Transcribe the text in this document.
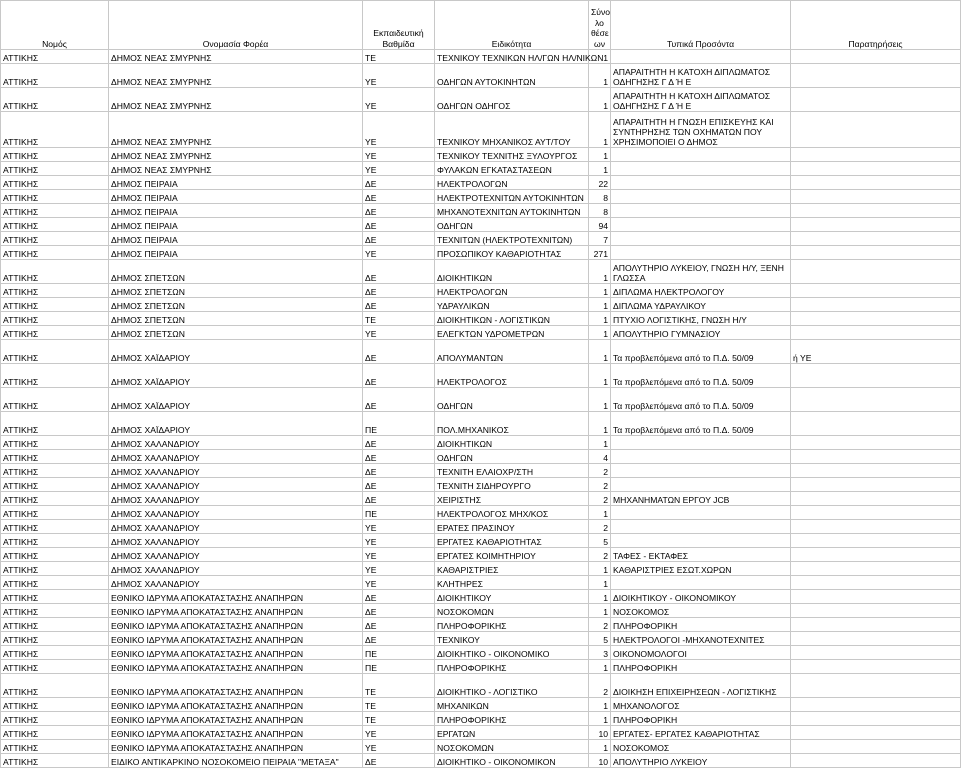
Νομός	Ονομασία Φορέα	Εκπαιδευτική Βαθμίδα	Ειδικότητα	Σύνο λο θέσε ων	Τυπικά Προσόντα	Παρατηρήσεις
ΑΤΤΙΚΗΣ	ΔΗΜΟΣ ΝΕΑΣ ΣΜΥΡΝΗΣ	ΤΕ	ΤΕΧΝΙΚΟΥ ΤΕΧΝΙΚΩΝ ΗΛ/ΓΩΝ ΗΛ/ΝΙΚΩΝ	1		
ΑΤΤΙΚΗΣ	ΔΗΜΟΣ ΝΕΑΣ ΣΜΥΡΝΗΣ	ΥΕ	ΟΔΗΓΩΝ ΑΥΤΟΚΙΝΗΤΩΝ	1	ΑΠΑΡΑΙΤΗΤΗ Η ΚΑΤΟΧΗ ΔΙΠΛΩΜΑΤΟΣ ΟΔΗΓΗΣΗΣ Γ Δ Ή Ε	
ΑΤΤΙΚΗΣ	ΔΗΜΟΣ ΝΕΑΣ ΣΜΥΡΝΗΣ	ΥΕ	ΟΔΗΓΩΝ ΟΔΗΓΟΣ	1	ΑΠΑΡΑΙΤΗΤΗ Η ΚΑΤΟΧΗ ΔΙΠΛΩΜΑΤΟΣ ΟΔΗΓΗΣΗΣ Γ Δ Ή Ε	
ΑΤΤΙΚΗΣ	ΔΗΜΟΣ ΝΕΑΣ ΣΜΥΡΝΗΣ	ΥΕ	ΤΕΧΝΙΚΟΥ ΜΗΧΑΝΙΚΟΣ ΑΥΤ/ΤΟΥ	1	ΑΠΑΡΑΙΤΗΤΗ Η ΓΝΩΣΗ ΕΠΙΣΚΕΥΗΣ ΚΑΙ ΣΥΝΤΗΡΗΣΗΣ ΤΩΝ ΟΧΗΜΑΤΩΝ ΠΟΥ ΧΡΗΣΙΜΟΠΟΙΕΙ Ο ΔΗΜΟΣ	
ΑΤΤΙΚΗΣ	ΔΗΜΟΣ ΝΕΑΣ ΣΜΥΡΝΗΣ	ΥΕ	ΤΕΧΝΙΚΟΥ ΤΕΧΝΙΤΗΣ ΞΥΛΟΥΡΓΟΣ	1		
ΑΤΤΙΚΗΣ	ΔΗΜΟΣ ΝΕΑΣ ΣΜΥΡΝΗΣ	ΥΕ	ΦΥΛΑΚΩΝ ΕΓΚΑΤΑΣΤΑΣΕΩΝ	1		
ΑΤΤΙΚΗΣ	ΔΗΜΟΣ ΠΕΙΡΑΙΑ	ΔΕ	ΗΛΕΚΤΡΟΛΟΓΩΝ	22		
ΑΤΤΙΚΗΣ	ΔΗΜΟΣ ΠΕΙΡΑΙΑ	ΔΕ	ΗΛΕΚΤΡΟΤΕΧΝΙΤΩΝ ΑΥΤΟΚΙΝΗΤΩΝ	8		
ΑΤΤΙΚΗΣ	ΔΗΜΟΣ ΠΕΙΡΑΙΑ	ΔΕ	ΜΗΧΑΝΟΤΕΧΝΙΤΩΝ ΑΥΤΟΚΙΝΗΤΩΝ	8		
ΑΤΤΙΚΗΣ	ΔΗΜΟΣ ΠΕΙΡΑΙΑ	ΔΕ	ΟΔΗΓΩΝ	94		
ΑΤΤΙΚΗΣ	ΔΗΜΟΣ ΠΕΙΡΑΙΑ	ΔΕ	ΤΕΧΝΙΤΩΝ (ΗΛΕΚΤΡΟΤΕΧΝΙΤΩΝ)	7		
ΑΤΤΙΚΗΣ	ΔΗΜΟΣ ΠΕΙΡΑΙΑ	ΥΕ	ΠΡΟΣΩΠΙΚΟΥ ΚΑΘΑΡΙΟΤΗΤΑΣ	271		
ΑΤΤΙΚΗΣ	ΔΗΜΟΣ ΣΠΕΤΣΩΝ	ΔΕ	ΔΙΟΙΚΗΤΙΚΩΝ	1	ΑΠΟΛΥΤΗΡΙΟ ΛΥΚΕΙΟΥ, ΓΝΩΣΗ Η/Υ, ΞΕΝΗ ΓΛΩΣΣΑ	
ΑΤΤΙΚΗΣ	ΔΗΜΟΣ ΣΠΕΤΣΩΝ	ΔΕ	ΗΛΕΚΤΡΟΛΟΓΩΝ	1	ΔΙΠΛΩΜΑ ΗΛΕΚΤΡΟΛΟΓΟΥ	
ΑΤΤΙΚΗΣ	ΔΗΜΟΣ ΣΠΕΤΣΩΝ	ΔΕ	ΥΔΡΑΥΛΙΚΩΝ	1	ΔΙΠΛΩΜΑ ΥΔΡΑΥΛΙΚΟΥ	
ΑΤΤΙΚΗΣ	ΔΗΜΟΣ ΣΠΕΤΣΩΝ	ΤΕ	ΔΙΟΙΚΗΤΙΚΩΝ - ΛΟΓΙΣΤΙΚΩΝ	1	ΠΤΥΧΙΟ ΛΟΓΙΣΤΙΚΗΣ, ΓΝΩΣΗ Η/Υ	
ΑΤΤΙΚΗΣ	ΔΗΜΟΣ ΣΠΕΤΣΩΝ	ΥΕ	ΕΛΕΓΚΤΩΝ ΥΔΡΟΜΕΤΡΩΝ	1	ΑΠΟΛΥΤΗΡΙΟ ΓΥΜΝΑΣΙΟΥ	
ΑΤΤΙΚΗΣ	ΔΗΜΟΣ ΧΑΪΔΑΡΙΟΥ	ΔΕ	ΑΠΟΛΥΜΑΝΤΩΝ	1	Τα προβλεπόμενα από το Π.Δ. 50/09	ή ΥΕ
ΑΤΤΙΚΗΣ	ΔΗΜΟΣ ΧΑΪΔΑΡΙΟΥ	ΔΕ	ΗΛΕΚΤΡΟΛΟΓΟΣ	1	Τα προβλεπόμενα από το Π.Δ. 50/09	
ΑΤΤΙΚΗΣ	ΔΗΜΟΣ ΧΑΪΔΑΡΙΟΥ	ΔΕ	ΟΔΗΓΩΝ	1	Τα προβλεπόμενα από το Π.Δ. 50/09	
ΑΤΤΙΚΗΣ	ΔΗΜΟΣ ΧΑΪΔΑΡΙΟΥ	ΠΕ	ΠΟΛ.ΜΗΧΑΝΙΚΟΣ	1	Τα προβλεπόμενα από το Π.Δ. 50/09	
ΑΤΤΙΚΗΣ	ΔΗΜΟΣ ΧΑΛΑΝΔΡΙΟΥ	ΔΕ	ΔΙΟΙΚΗΤΙΚΩΝ	1		
ΑΤΤΙΚΗΣ	ΔΗΜΟΣ ΧΑΛΑΝΔΡΙΟΥ	ΔΕ	ΟΔΗΓΩΝ	4		
ΑΤΤΙΚΗΣ	ΔΗΜΟΣ ΧΑΛΑΝΔΡΙΟΥ	ΔΕ	ΤΕΧΝΙΤΗ ΕΛΑΙΟΧΡ/ΣΤΗ	2		
ΑΤΤΙΚΗΣ	ΔΗΜΟΣ ΧΑΛΑΝΔΡΙΟΥ	ΔΕ	ΤΕΧΝΙΤΗ ΣΙΔΗΡΟΥΡΓΟ	2		
ΑΤΤΙΚΗΣ	ΔΗΜΟΣ ΧΑΛΑΝΔΡΙΟΥ	ΔΕ	ΧΕΙΡΙΣΤΗΣ	2	ΜΗΧΑΝΗΜΑΤΩΝ ΕΡΓΟΥ JCB	
ΑΤΤΙΚΗΣ	ΔΗΜΟΣ ΧΑΛΑΝΔΡΙΟΥ	ΠΕ	ΗΛΕΚΤΡΟΛΟΓΟΣ ΜΗΧ/ΚΟΣ	1		
ΑΤΤΙΚΗΣ	ΔΗΜΟΣ ΧΑΛΑΝΔΡΙΟΥ	ΥΕ	ΕΡΑΤΕΣ ΠΡΑΣΙΝΟΥ	2		
ΑΤΤΙΚΗΣ	ΔΗΜΟΣ ΧΑΛΑΝΔΡΙΟΥ	ΥΕ	ΕΡΓΑΤΕΣ ΚΑΘΑΡΙΟΤΗΤΑΣ	5		
ΑΤΤΙΚΗΣ	ΔΗΜΟΣ ΧΑΛΑΝΔΡΙΟΥ	ΥΕ	ΕΡΓΑΤΕΣ ΚΟΙΜΗΤΗΡΙΟΥ	2	ΤΑΦΕΣ - ΕΚΤΑΦΕΣ	
ΑΤΤΙΚΗΣ	ΔΗΜΟΣ ΧΑΛΑΝΔΡΙΟΥ	ΥΕ	ΚΑΘΑΡΙΣΤΡΙΕΣ	1	ΚΑΘΑΡΙΣΤΡΙΕΣ ΕΣΩΤ.ΧΩΡΩΝ	
ΑΤΤΙΚΗΣ	ΔΗΜΟΣ ΧΑΛΑΝΔΡΙΟΥ	ΥΕ	ΚΛΗΤΗΡΕΣ	1		
ΑΤΤΙΚΗΣ	ΕΘΝΙΚΟ ΙΔΡΥΜΑ ΑΠΟΚΑΤΑΣΤΑΣΗΣ ΑΝΑΠΗΡΩΝ	ΔΕ	ΔΙΟΙΚΗΤΙΚΟΥ	1	ΔΙΟΙΚΗΤΙΚΟΥ - ΟΙΚΟΝΟΜΙΚΟΥ	
ΑΤΤΙΚΗΣ	ΕΘΝΙΚΟ ΙΔΡΥΜΑ ΑΠΟΚΑΤΑΣΤΑΣΗΣ ΑΝΑΠΗΡΩΝ	ΔΕ	ΝΟΣΟΚΟΜΩΝ	1	ΝΟΣΟΚΟΜΟΣ	
ΑΤΤΙΚΗΣ	ΕΘΝΙΚΟ ΙΔΡΥΜΑ ΑΠΟΚΑΤΑΣΤΑΣΗΣ ΑΝΑΠΗΡΩΝ	ΔΕ	ΠΛΗΡΟΦΟΡΙΚΗΣ	2	ΠΛΗΡΟΦΟΡΙΚΗ	
ΑΤΤΙΚΗΣ	ΕΘΝΙΚΟ ΙΔΡΥΜΑ ΑΠΟΚΑΤΑΣΤΑΣΗΣ ΑΝΑΠΗΡΩΝ	ΔΕ	ΤΕΧΝΙΚΟΥ	5	ΗΛΕΚΤΡΟΛΟΓΟΙ -ΜΗΧΑΝΟΤΕΧΝΙΤΕΣ	
ΑΤΤΙΚΗΣ	ΕΘΝΙΚΟ ΙΔΡΥΜΑ ΑΠΟΚΑΤΑΣΤΑΣΗΣ ΑΝΑΠΗΡΩΝ	ΠΕ	ΔΙΟΙΚΗΤΙΚΟ - ΟΙΚΟΝΟΜΙΚΟ	3	ΟΙΚΟΝΟΜΟΛΟΓΟΙ	
ΑΤΤΙΚΗΣ	ΕΘΝΙΚΟ ΙΔΡΥΜΑ ΑΠΟΚΑΤΑΣΤΑΣΗΣ ΑΝΑΠΗΡΩΝ	ΠΕ	ΠΛΗΡΟΦΟΡΙΚΗΣ	1	ΠΛΗΡΟΦΟΡΙΚΗ	
ΑΤΤΙΚΗΣ	ΕΘΝΙΚΟ ΙΔΡΥΜΑ ΑΠΟΚΑΤΑΣΤΑΣΗΣ ΑΝΑΠΗΡΩΝ	ΤΕ	ΔΙΟΙΚΗΤΙΚΟ - ΛΟΓΙΣΤΙΚΟ	2	ΔΙΟΙΚΗΣΗ ΕΠΙΧΕΙΡΗΣΕΩΝ - ΛΟΓΙΣΤΙΚΗΣ	
ΑΤΤΙΚΗΣ	ΕΘΝΙΚΟ ΙΔΡΥΜΑ ΑΠΟΚΑΤΑΣΤΑΣΗΣ ΑΝΑΠΗΡΩΝ	ΤΕ	ΜΗΧΑΝΙΚΩΝ	1	ΜΗΧΑΝΟΛΟΓΟΣ	
ΑΤΤΙΚΗΣ	ΕΘΝΙΚΟ ΙΔΡΥΜΑ ΑΠΟΚΑΤΑΣΤΑΣΗΣ ΑΝΑΠΗΡΩΝ	ΤΕ	ΠΛΗΡΟΦΟΡΙΚΗΣ	1	ΠΛΗΡΟΦΟΡΙΚΗ	
ΑΤΤΙΚΗΣ	ΕΘΝΙΚΟ ΙΔΡΥΜΑ ΑΠΟΚΑΤΑΣΤΑΣΗΣ ΑΝΑΠΗΡΩΝ	ΥΕ	ΕΡΓΑΤΩΝ	10	ΕΡΓΑΤΕΣ- ΕΡΓΑΤΕΣ ΚΑΘΑΡΙΟΤΗΤΑΣ	
ΑΤΤΙΚΗΣ	ΕΘΝΙΚΟ ΙΔΡΥΜΑ ΑΠΟΚΑΤΑΣΤΑΣΗΣ ΑΝΑΠΗΡΩΝ	ΥΕ	ΝΟΣΟΚΟΜΩΝ	1	ΝΟΣΟΚΟΜΟΣ	
ΑΤΤΙΚΗΣ	ΕΙΔΙΚΟ ΑΝΤΙΚΑΡΚΙΝΟ ΝΟΣΟΚΟΜΕΙΟ ΠΕΙΡΑΙΑ "ΜΕΤΑΞΑ"	ΔΕ	ΔΙΟΙΚΗΤΙΚΟ - ΟΙΚΟΝΟΜΙΚΟΝ	10	ΑΠΟΛΥΤΗΡΙΟ ΛΥΚΕΙΟΥ	
